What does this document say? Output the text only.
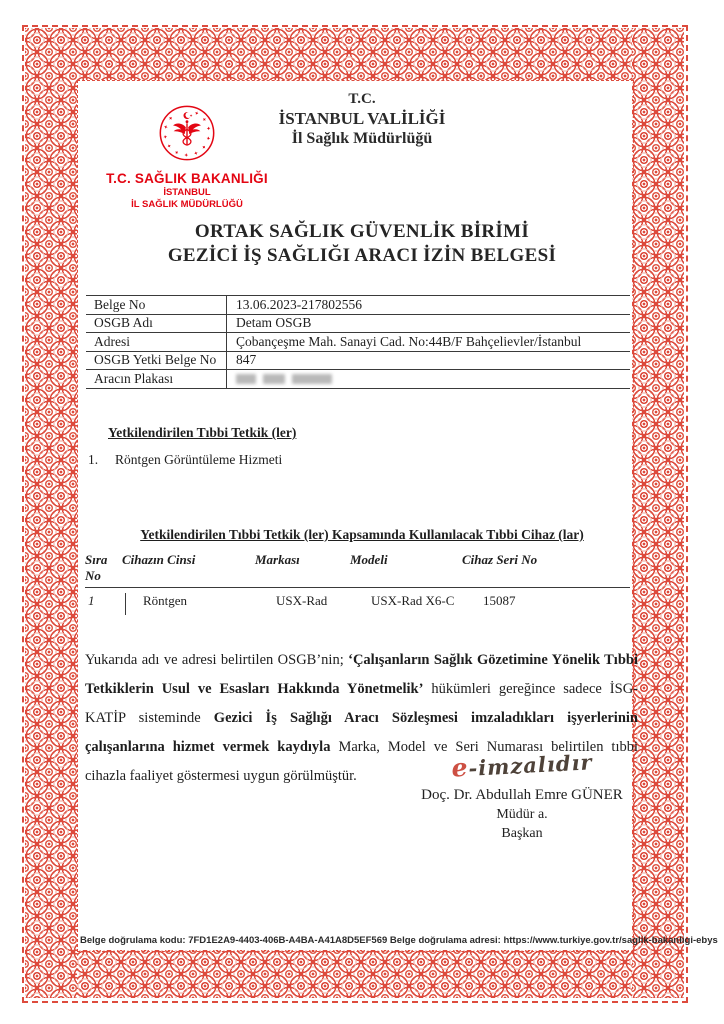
T.C.
İSTANBUL VALİLİĞİ
İl Sağlık Müdürlüğü
T.C. SAĞLIK BAKANLIĞI
İSTANBUL
İL SAĞLIK MÜDÜRLÜĞÜ
ORTAK SAĞLIK GÜVENLİK BİRİMİ
GEZİCİ İŞ SAĞLIĞI ARACI İZİN BELGESİ
Belge No	13.06.2023-217802556
OSGB Adı	Detam OSGB
Adresi	Çobançeşme Mah. Sanayi Cad. No:44B/F Bahçelievler/İstanbul
OSGB Yetki Belge No	847
Aracın Plakası
Yetkilendirilen Tıbbi Tetkik (ler)
1.	Röntgen Görüntüleme Hizmeti
Yetkilendirilen Tıbbi Tetkik (ler) Kapsamında Kullanılacak Tıbbi Cihaz (lar)
Sıra No
Cihazın Cinsi	Markası	Modeli	Cihaz Seri No
1	Röntgen	USX-Rad	USX-Rad X6-C	15087
Yukarıda adı ve adresi belirtilen OSGB’nin; ‘Çalışanların Sağlık Gözetimine Yönelik Tıbbi Tetkiklerin Usul ve Esasları Hakkında Yönetmelik’ hükümleri gereğince sadece İSG-KATİP sisteminde Gezici İş Sağlığı Aracı Sözleşmesi imzaladıkları işyerlerinin çalışanlarına hizmet vermek kaydıyla Marka, Model ve Seri Numarası belirtilen tıbbi cihazla faaliyet göstermesi uygun görülmüştür.	e-imzalıdır
Doç. Dr. Abdullah Emre GÜNER
Müdür a.
Başkan
Belge doğrulama kodu: 7FD1E2A9-4403-406B-A4BA-A41A8D5EF569 Belge doğrulama adresi: https://www.turkiye.gov.tr/saglik-bakanligi-ebys
